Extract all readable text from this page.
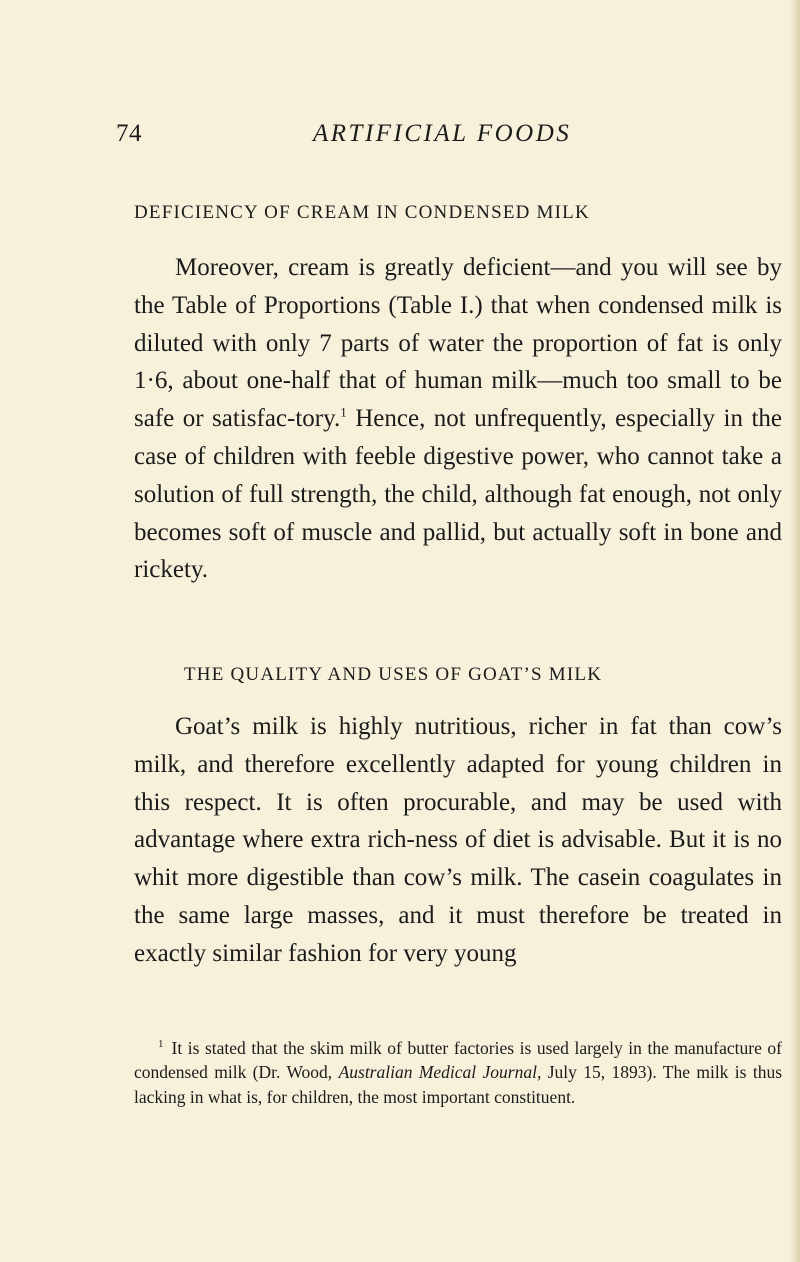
74	ARTIFICIAL FOODS
DEFICIENCY OF CREAM IN CONDENSED MILK

Moreover, cream is greatly deficient—and you will see by the Table of Proportions (Table I.) that when condensed milk is diluted with only 7 parts of water the proportion of fat is only 1·6, about one-half that of human milk—much too small to be safe or satisfac-tory.$^1$ Hence, not unfrequently, especially in the case of children with feeble digestive power, who cannot take a solution of full strength, the child, although fat enough, not only becomes soft of muscle and pallid, but actually soft in bone and rickety.

THE QUALITY AND USES OF GOAT’S MILK

Goat’s milk is highly nutritious, richer in fat than cow’s milk, and therefore excellently adapted for young children in this respect. It is often procurable, and may be used with advantage where extra rich-ness of diet is advisable. But it is no whit more digestible than cow’s milk. The casein coagulates in the same large masses, and it must therefore be treated in exactly similar fashion for very young

$^1$ It is stated that the skim milk of butter factories is used largely in the manufacture of condensed milk (Dr. Wood, Australian Medical Journal, July 15, 1893). The milk is thus lacking in what is, for children, the most important constituent.
